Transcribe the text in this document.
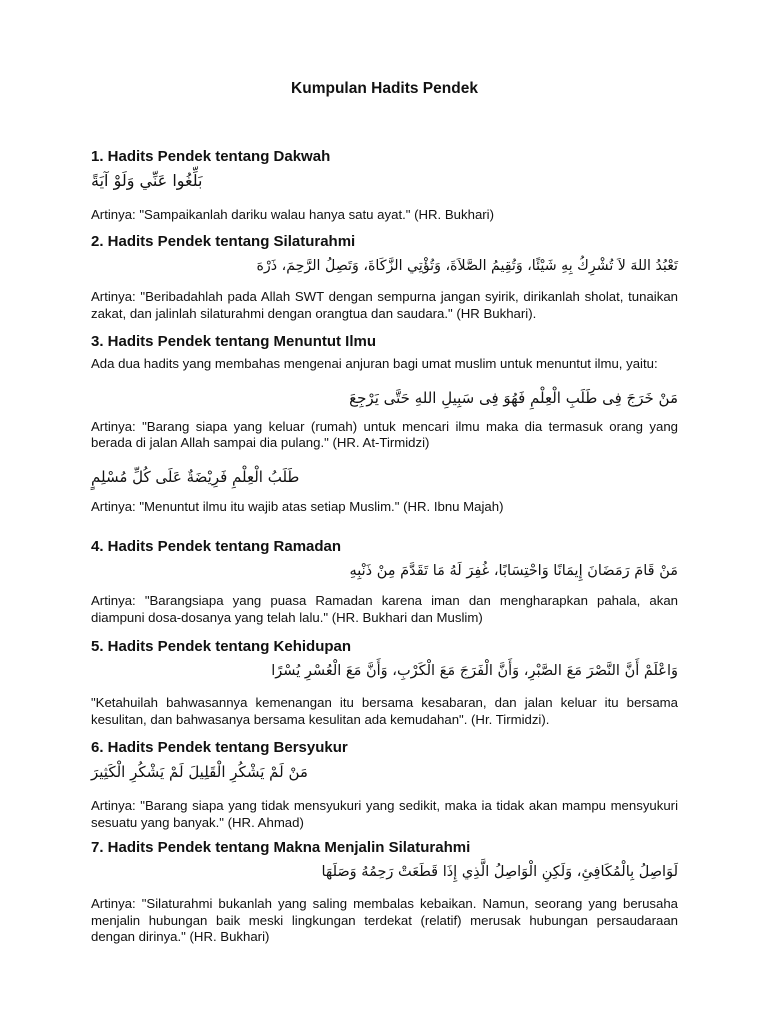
Kumpulan Hadits Pendek
1. Hadits Pendek tentang Dakwah

بَلِّغُوا عَنِّي وَلَوْ آيَةً

Artinya: "Sampaikanlah dariku walau hanya satu ayat." (HR. Bukhari)

2. Hadits Pendek tentang Silaturahmi

تَعْبُدُ اللهَ لاَ تُشْرِكُ بِهِ شَيْئًا، وَتُقِيمُ الصَّلاَةَ، وَتُؤْتِي الزَّكَاةَ، وَتَصِلُ الرَّحِمَ، ذَرْهَ

Artinya: "Beribadahlah pada Allah SWT dengan sempurna jangan syirik, dirikanlah sholat, tunaikan zakat, dan jalinlah silaturahmi dengan orangtua dan saudara." (HR Bukhari).

3. Hadits Pendek tentang Menuntut Ilmu

Ada dua hadits yang membahas mengenai anjuran bagi umat muslim untuk menuntut ilmu, yaitu:

مَنْ خَرَجَ فِى طَلَبِ الْعِلْمِ فَهُوَ فِى سَبِيلِ اللهِ حَتَّى يَرْجِعَ

Artinya: "Barang siapa yang keluar (rumah) untuk mencari ilmu maka dia termasuk orang yang berada di jalan Allah sampai dia pulang." (HR. At-Tirmidzi)

طَلَبُ الْعِلْمِ فَرِيْضَةٌ عَلَى كُلِّ مُسْلِمٍ

Artinya: "Menuntut ilmu itu wajib atas setiap Muslim." (HR. Ibnu Majah)

4. Hadits Pendek tentang Ramadan

مَنْ قَامَ رَمَضَانَ إِيمَانًا وَاحْتِسَابًا، غُفِرَ لَهُ مَا تَقَدَّمَ مِنْ ذَنْبِهِ

Artinya: "Barangsiapa yang puasa Ramadan karena iman dan mengharapkan pahala, akan diampuni dosa-dosanya yang telah lalu." (HR. Bukhari dan Muslim)

5. Hadits Pendek tentang Kehidupan

وَاعْلَمْ أَنَّ النَّصْرَ مَعَ الصَّبْرِ، وَأَنَّ الْفَرَجَ مَعَ الْكَرْبِ، وَأَنَّ مَعَ الْعُسْرِ يُسْرًا

"Ketahuilah bahwasannya kemenangan itu bersama kesabaran, dan jalan keluar itu bersama kesulitan, dan bahwasanya bersama kesulitan ada kemudahan". (Hr. Tirmidzi).

6. Hadits Pendek tentang Bersyukur

مَنْ لَمْ يَشْكُرِ الْقَلِيلَ لَمْ يَشْكُرِ الْكَثِيرَ

Artinya: "Barang siapa yang tidak mensyukuri yang sedikit, maka ia tidak akan mampu mensyukuri sesuatu yang banyak." (HR. Ahmad)

7. Hadits Pendek tentang Makna Menjalin Silaturahmi

لَوَاصِلُ بِالْمُكَافِئِ، وَلَكِنِ الْوَاصِلُ الَّذِي إِذَا قَطَعَتْ رَحِمُهُ وَصَلَهَا

Artinya: "Silaturahmi bukanlah yang saling membalas kebaikan. Namun, seorang yang berusaha menjalin hubungan baik meski lingkungan terdekat (relatif) merusak hubungan persaudaraan dengan dirinya." (HR. Bukhari)
